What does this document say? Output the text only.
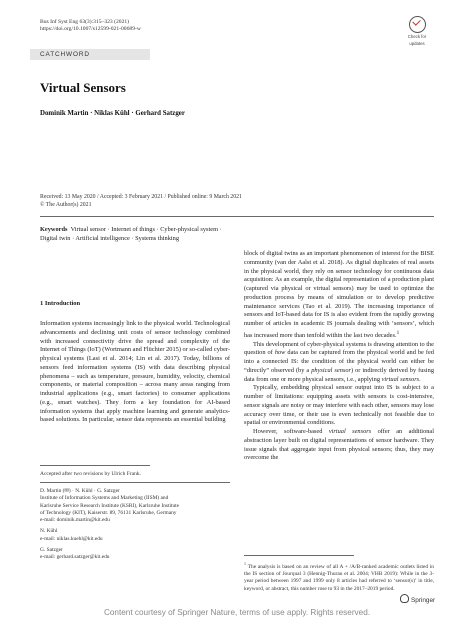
Bus Inf Syst Eng 63(3):315–323 (2021)
https://doi.org/10.1007/s12599-021-00689-w
Check for
updates
CATCHWORD
Virtual Sensors
Dominik Martin · Niklas Kühl · Gerhard Satzger
Received: 13 May 2020 / Accepted: 3 February 2021 / Published online: 9 March 2021
© The Author(s) 2021
Keywords Virtual sensor · Internet of things · Cyber-physical system · Digital twin · Artificial intelligence · Systems thinking
1 Introduction

Information systems increasingly link to the physical world. Technological advancements and declining unit costs of sensor technology combined with increased connectivity drive the spread and complexity of the Internet of Things (IoT) (Wortmann and Flüchter 2015) or so-called cyber-physical systems (Lasi et al. 2014; Lin et al. 2017). Today, billions of sensors feed information systems (IS) with data describing physical phenomena – such as temperature, pressure, humidity, velocity, chemical components, or material composition – across many areas ranging from industrial applications (e.g., smart factories) to consumer applications (e.g., smart watches). They form a key foundation for AI-based information systems that apply machine learning and generate analytics-based solutions. In particular, sensor data represents an essential building

Accepted after two revisions by Ulrich Frank.
D. Martin (✉) · N. Kühl · G. Satzger
Institute of Information Systems and Marketing (IISM) and
Karlsruhe Service Research Institute (KSRI), Karlsruhe Institute
of Technology (KIT), Kaiserstr. 89, 76131 Karlsruhe, Germany
e-mail: dominik.martin@kit.edu
N. Kühl
e-mail: niklas.kuehl@kit.edu
G. Satzger
e-mail: gerhard.satzger@kit.edu

block of digital twins as an important phenomenon of interest for the BISE community (van der Aalst et al. 2018). As digital duplicates of real assets in the physical world, they rely on sensor technology for continuous data acquisition: As an example, the digital representation of a production plant (captured via physical or virtual sensors) may be used to optimize the production process by means of simulation or to develop predictive maintenance services (Tao et al. 2019). The increasing importance of sensors and IoT-based data for IS is also evident from the rapidly growing number of articles in academic IS journals dealing with ‘sensors’, which has increased more than tenfold within the last two decades.$^1$

This development of cyber-physical systems is drawing attention to the question of how data can be captured from the physical world and be fed into a connected IS: the condition of the physical world can either be “directly” observed (by a physical sensor) or indirectly derived by fusing data from one or more physical sensors, i.e., applying virtual sensors.

Typically, embedding physical sensor output into IS is subject to a number of limitations: equipping assets with sensors is cost-intensive, sensor signals are noisy or may interfere with each other, sensors may lose accuracy over time, or their use is even technically not feasible due to spatial or environmental conditions.

However, software-based virtual sensors offer an additional abstraction layer built on digital representations of sensor hardware. They issue signals that aggregate input from physical sensors; thus, they may overcome the

$^1$ The analysis is based on an review of all A + /A/B-ranked academic outlets listed in the IS section of Jourqual 3 (Hennig-Thurau et al. 2004; VHB 2019): While in the 3-year period between 1997 and 1999 only 8 articles had referred to ‘sensor(s)’ in title, keyword, or abstract, this number rose to 93 in the 2017–2019 period.
Springer
Content courtesy of Springer Nature, terms of use apply. Rights reserved.
